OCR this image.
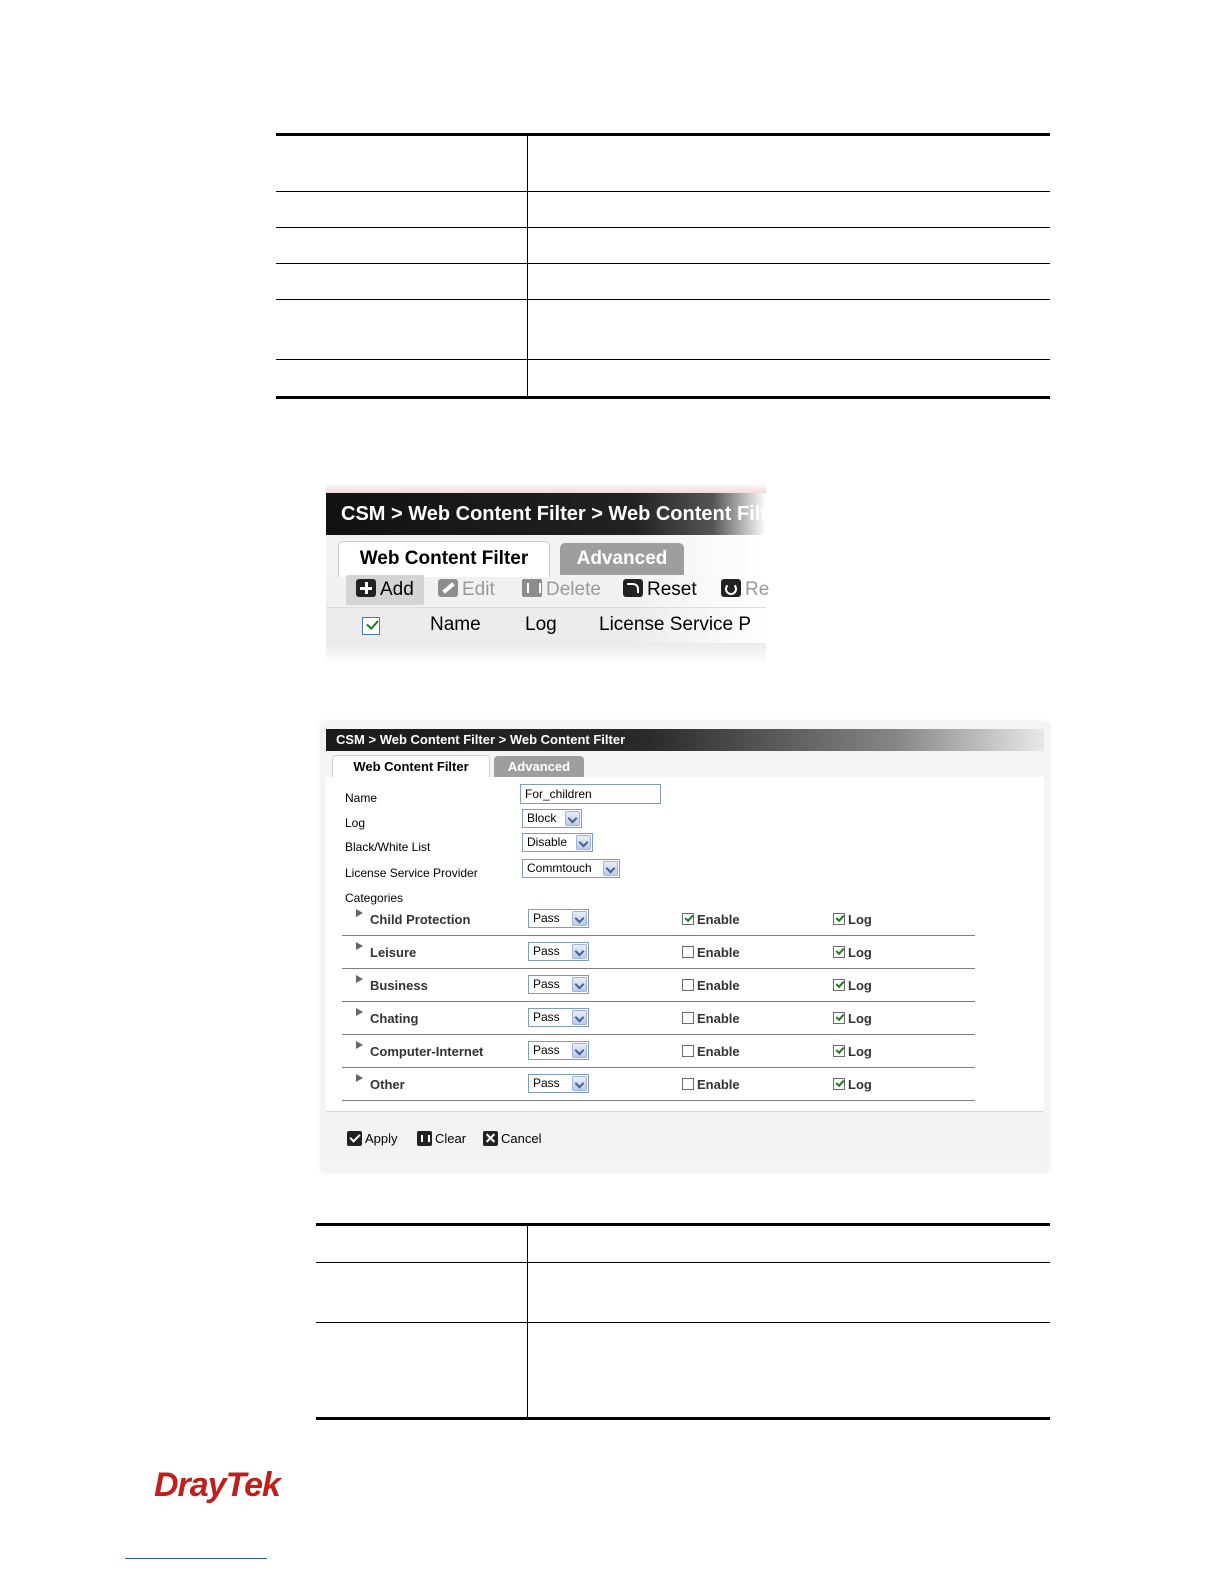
CSM > Web Content Filter > Web Content Filter
Web Content Filter	Advanced
Add	Edit	Delete	Reset	Re
Name Log License Service P
CSM > Web Content Filter > Web Content Filter
Web Content Filter	Advanced
Name	For_children
Log	Block
Black/White List	Disable
License Service Provider	Commtouch
Categories
Child Protection	Pass	Enable	Log
Leisure	Pass	Enable	Log
Business	Pass	Enable	Log
Chating	Pass	Enable	Log
Computer-Internet	Pass	Enable	Log
Other	Pass	Enable	Log
Apply	Clear	Cancel

DrayTek
